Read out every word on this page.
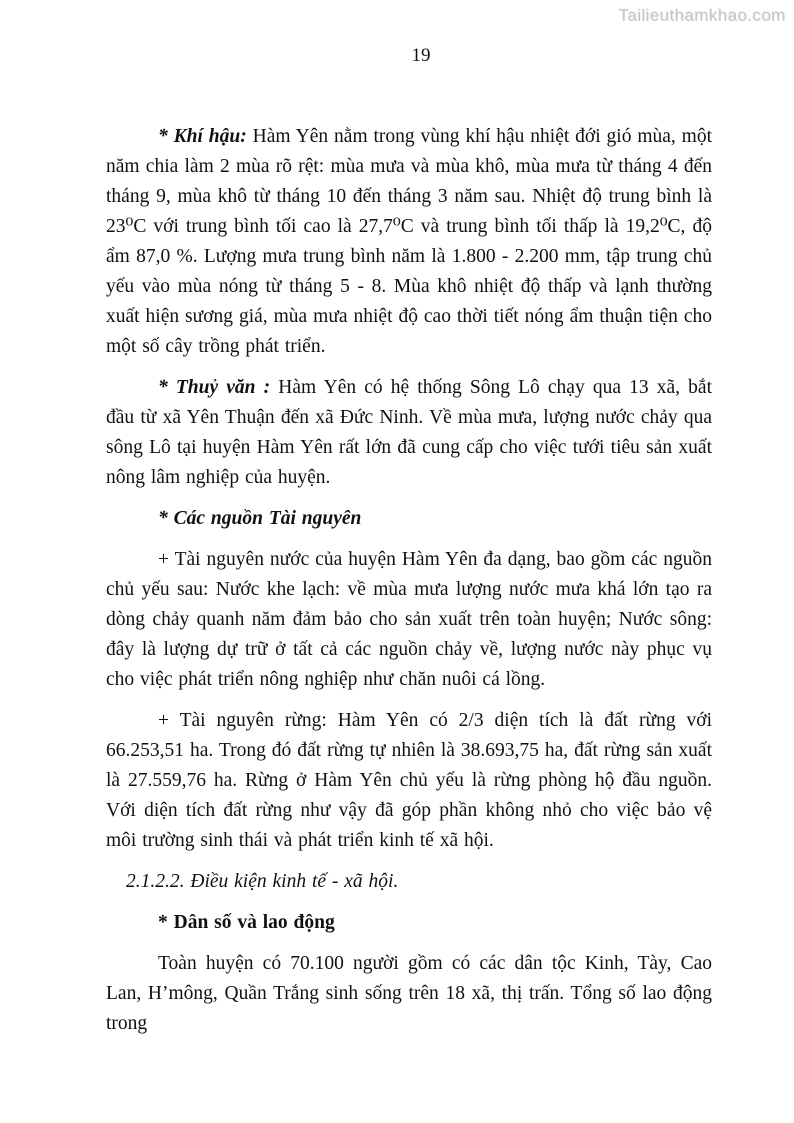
Tailieuthamkhao.com
19

* Khí hậu: Hàm Yên nằm trong vùng khí hậu nhiệt đới gió mùa, một năm chia làm 2 mùa rõ rệt: mùa mưa và mùa khô, mùa mưa từ tháng 4 đến tháng 9, mùa khô từ tháng 10 đến tháng 3 năm sau. Nhiệt độ trung bình là 23⁰C với trung bình tối cao là 27,7⁰C và trung bình tối thấp là 19,2⁰C, độ ẩm 87,0 %. Lượng mưa trung bình năm là 1.800 - 2.200 mm, tập trung chủ yếu vào mùa nóng từ tháng 5 - 8. Mùa khô nhiệt độ thấp và lạnh thường xuất hiện sương giá, mùa mưa nhiệt độ cao thời tiết nóng ẩm thuận tiện cho một số cây trồng phát triển.

* Thuỷ văn : Hàm Yên có hệ thống Sông Lô chạy qua 13 xã, bắt đầu từ xã Yên Thuận đến xã Đức Ninh. Về mùa mưa, lượng nước chảy qua sông Lô tại huyện Hàm Yên rất lớn đã cung cấp cho việc tưới tiêu sản xuất nông lâm nghiệp của huyện.

* Các nguồn Tài nguyên

+ Tài nguyên nước của huyện Hàm Yên đa dạng, bao gồm các nguồn chủ yếu sau: Nước khe lạch: về mùa mưa lượng nước mưa khá lớn tạo ra dòng chảy quanh năm đảm bảo cho sản xuất trên toàn huyện; Nước sông: đây là lượng dự trữ ở tất cả các nguồn chảy về, lượng nước này phục vụ cho việc phát triển nông nghiệp như chăn nuôi cá lồng.

+ Tài nguyên rừng: Hàm Yên có 2/3 diện tích là đất rừng với 66.253,51 ha. Trong đó đất rừng tự nhiên là 38.693,75 ha, đất rừng sản xuất là 27.559,76 ha. Rừng ở Hàm Yên chủ yếu là rừng phòng hộ đầu nguồn. Với diện tích đất rừng như vậy đã góp phần không nhỏ cho việc bảo vệ môi trường sinh thái và phát triển kinh tế xã hội.

2.1.2.2. Điều kiện kinh tế - xã hội.

* Dân số và lao động

Toàn huyện có 70.100 người gồm có các dân tộc Kinh, Tày, Cao Lan, H’mông, Quần Trắng sinh sống trên 18 xã, thị trấn. Tổng số lao động trong
